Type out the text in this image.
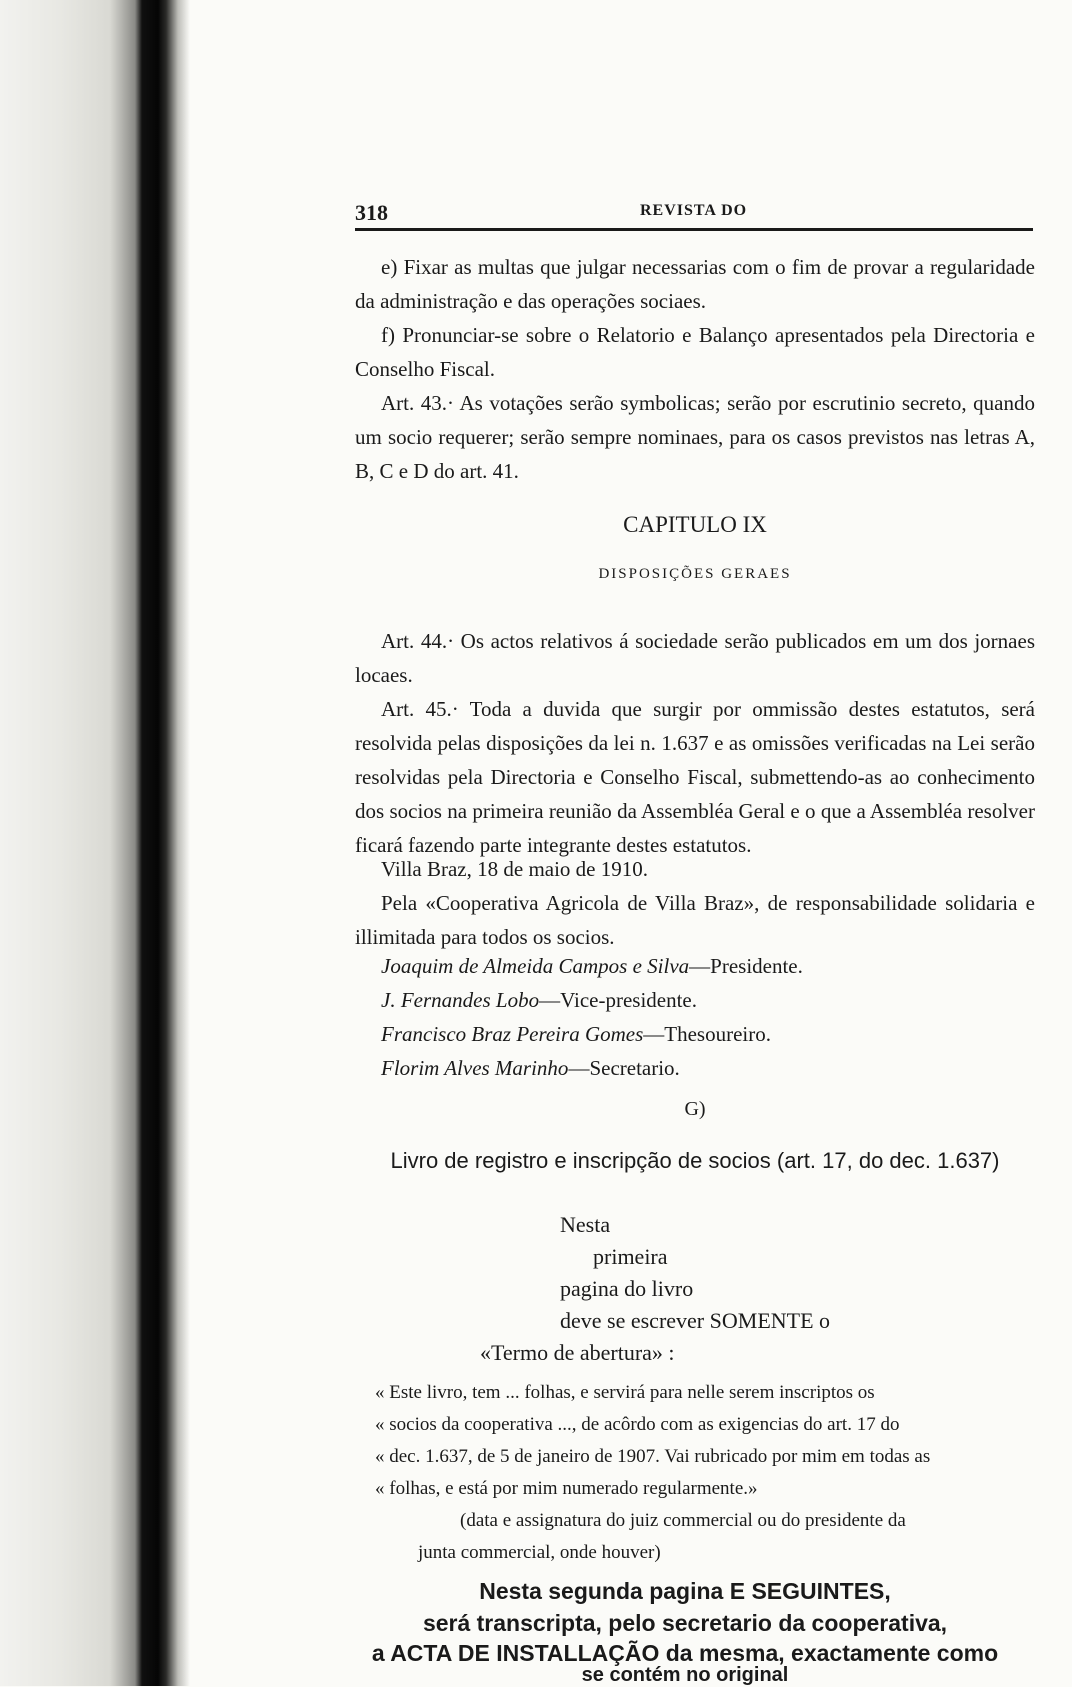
318	REVISTA DO
e) Fixar as multas que julgar necessarias com o fim de provar a regularidade da administração e das operações sociaes.
f) Pronunciar-se sobre o Relatorio e Balanço apresentados pela Directoria e Conselho Fiscal.
Art. 43.· As votações serão symbolicas; serão por escrutinio secreto, quando um socio requerer; serão sempre nominaes, para os casos previstos nas letras A, B, C e D do art. 41.
CAPITULO IX
DISPOSIÇÕES GERAES
Art. 44.· Os actos relativos á sociedade serão publicados em um dos jornaes locaes.
Art. 45.· Toda a duvida que surgir por ommissão destes estatutos, será resolvida pelas disposições da lei n. 1.637 e as omissões verificadas na Lei serão resolvidas pela Directoria e Conselho Fiscal, submettendo-as ao conhecimento dos socios na primeira reunião da Assembléa Geral e o que a Assembléa resolver ficará fazendo parte integrante destes estatutos.
Villa Braz, 18 de maio de 1910.
Pela «Cooperativa Agricola de Villa Braz», de responsabilidade solidaria e illimitada para todos os socios.
Joaquim de Almeida Campos e Silva—Presidente.
J. Fernandes Lobo—Vice-presidente.
Francisco Braz Pereira Gomes—Thesoureiro.
Florim Alves Marinho—Secretario.
G)
Livro de registro e inscripção de socios (art. 17, do dec. 1.637)
Nesta
primeira
pagina do livro
deve se escrever SOMENTE o
«Termo de abertura» :
« Este livro, tem ... folhas, e servirá para nelle serem inscriptos os
« socios da cooperativa ..., de acôrdo com as exigencias do art. 17 do
« dec. 1.637, de 5 de janeiro de 1907. Vai rubricado por mim em todas as
« folhas, e está por mim numerado regularmente.»
(data e assignatura do juiz commercial ou do presidente da
junta commercial, onde houver)
Nesta segunda pagina E SEGUINTES,
será transcripta, pelo secretario da cooperativa,
a ACTA DE INSTALLAÇÃO da mesma, exactamente como
se contém no original
